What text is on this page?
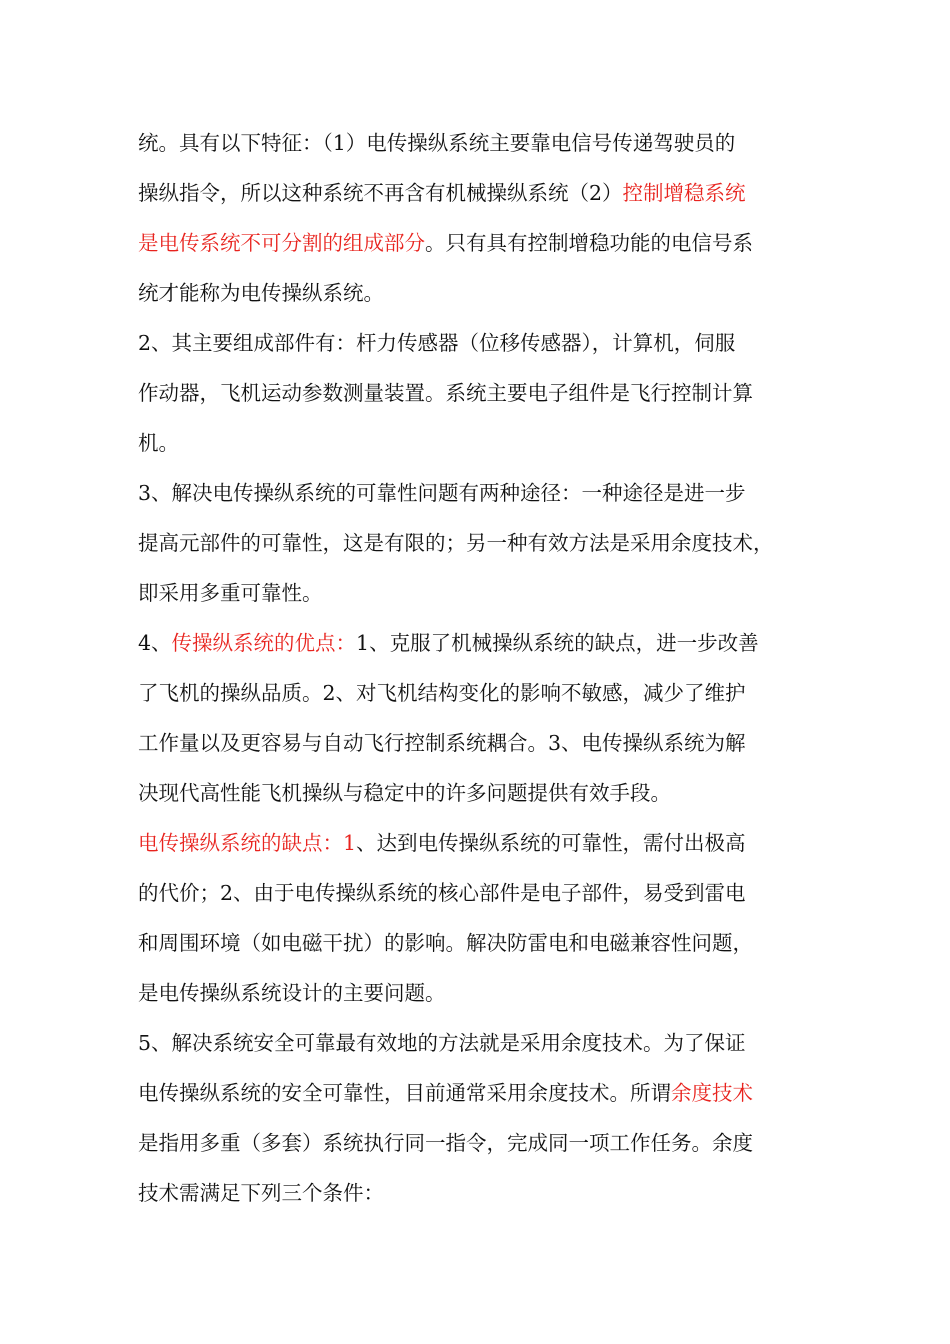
统。具有以下特征：（1）电传操纵系统主要靠电信号传递驾驶员的
操纵指令，所以这种系统不再含有机械操纵系统（2）控制增稳系统
是电传系统不可分割的组成部分。只有具有控制增稳功能的电信号系
统才能称为电传操纵系统。
2、其主要组成部件有：杆力传感器（位移传感器），计算机，伺服
作动器，飞机运动参数测量装置。系统主要电子组件是飞行控制计算
机。
3、解决电传操纵系统的可靠性问题有两种途径：一种途径是进一步
提高元部件的可靠性，这是有限的；另一种有效方法是采用余度技术，
即采用多重可靠性。
4、传操纵系统的优点：1、克服了机械操纵系统的缺点，进一步改善
了飞机的操纵品质。2、对飞机结构变化的影响不敏感，减少了维护
工作量以及更容易与自动飞行控制系统耦合。3、电传操纵系统为解
决现代高性能飞机操纵与稳定中的许多问题提供有效手段。
电传操纵系统的缺点：1、达到电传操纵系统的可靠性，需付出极高
的代价；2、由于电传操纵系统的核心部件是电子部件，易受到雷电
和周围环境（如电磁干扰）的影响。解决防雷电和电磁兼容性问题，
是电传操纵系统设计的主要问题。
5、解决系统安全可靠最有效地的方法就是采用余度技术。为了保证
电传操纵系统的安全可靠性，目前通常采用余度技术。所谓余度技术
是指用多重（多套）系统执行同一指令，完成同一项工作任务。余度
技术需满足下列三个条件：
